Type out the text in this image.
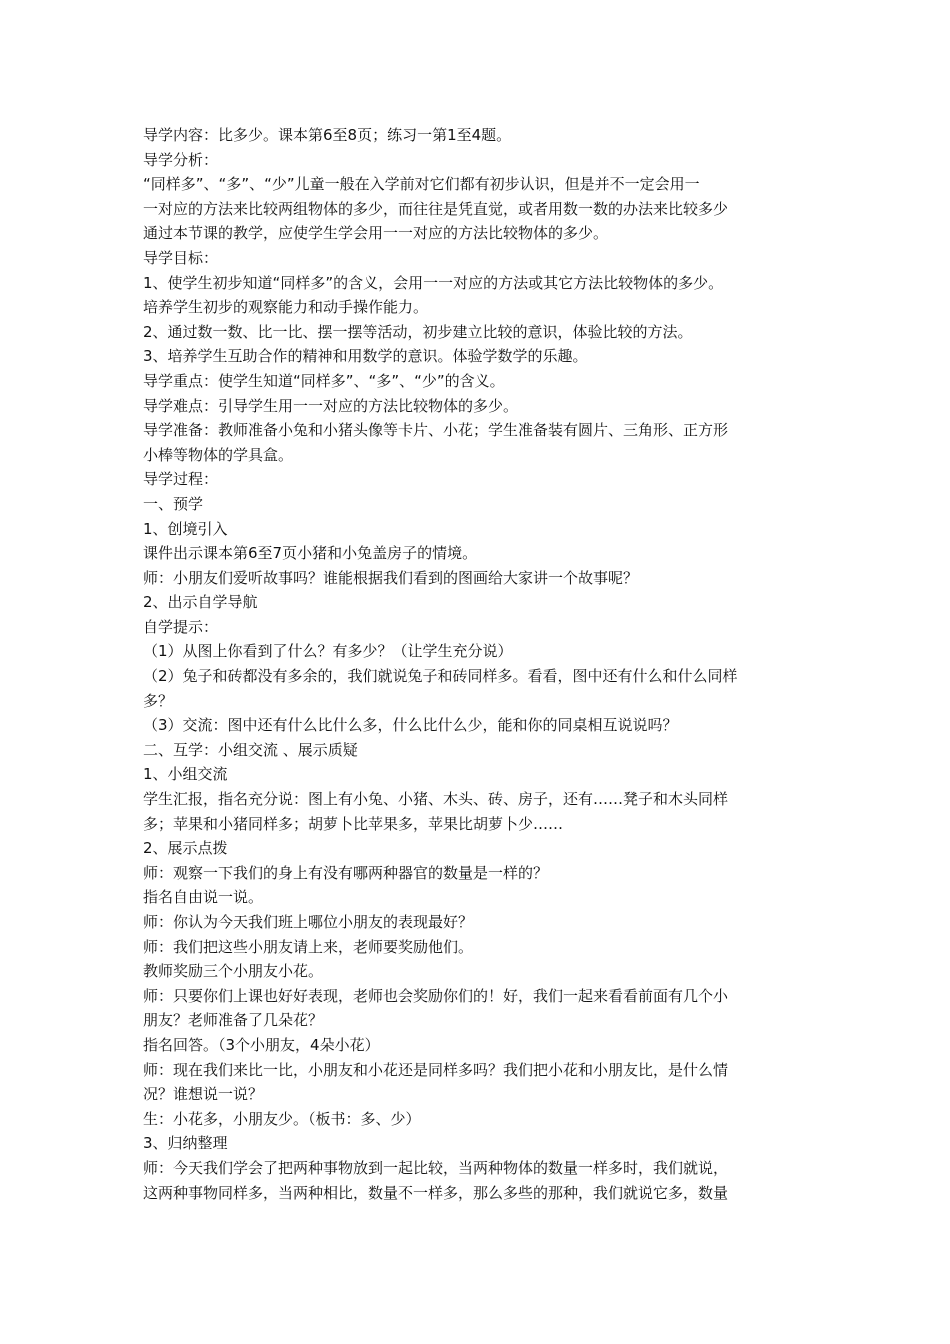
导学内容：比多少。课本第6至8页；练习一第1至4题。
导学分析：
“同样多”、“多”、“少”儿童一般在入学前对它们都有初步认识，但是并不一定会用一
一对应的方法来比较两组物体的多少，而往往是凭直觉，或者用数一数的办法来比较多少
通过本节课的教学，应使学生学会用一一对应的方法比较物体的多少。
导学目标：
1、使学生初步知道“同样多”的含义，会用一一对应的方法或其它方法比较物体的多少。
培养学生初步的观察能力和动手操作能力。
2、通过数一数、比一比、摆一摆等活动，初步建立比较的意识，体验比较的方法。
3、培养学生互助合作的精神和用数学的意识。体验学数学的乐趣。
导学重点：使学生知道“同样多”、“多”、“少”的含义。
导学难点：引导学生用一一对应的方法比较物体的多少。
导学准备：教师准备小兔和小猪头像等卡片、小花；学生准备装有圆片、三角形、正方形
小棒等物体的学具盒。
导学过程：
一、预学
1、创境引入
课件出示课本第6至7页小猪和小兔盖房子的情境。
师：小朋友们爱听故事吗？谁能根据我们看到的图画给大家讲一个故事呢？
2、出示自学导航
自学提示：
（1）从图上你看到了什么？有多少？（让学生充分说）
（2）兔子和砖都没有多余的，我们就说兔子和砖同样多。看看，图中还有什么和什么同样
多？
（3）交流：图中还有什么比什么多，什么比什么少，能和你的同桌相互说说吗？
二、互学：小组交流 、展示质疑
1、小组交流
学生汇报，指名充分说：图上有小兔、小猪、木头、砖、房子，还有……凳子和木头同样
多；苹果和小猪同样多；胡萝卜比苹果多，苹果比胡萝卜少……
2、展示点拨
师：观察一下我们的身上有没有哪两种器官的数量是一样的？
指名自由说一说。
师：你认为今天我们班上哪位小朋友的表现最好？
师：我们把这些小朋友请上来，老师要奖励他们。
教师奖励三个小朋友小花。
师：只要你们上课也好好表现，老师也会奖励你们的！好，我们一起来看看前面有几个小
朋友？老师准备了几朵花？
指名回答。（3个小朋友，4朵小花）
师：现在我们来比一比，小朋友和小花还是同样多吗？我们把小花和小朋友比，是什么情
况？谁想说一说？
生：小花多，小朋友少。（板书：多、少）
3、归纳整理
师：今天我们学会了把两种事物放到一起比较，当两种物体的数量一样多时，我们就说，
这两种事物同样多，当两种相比，数量不一样多，那么多些的那种，我们就说它多，数量
